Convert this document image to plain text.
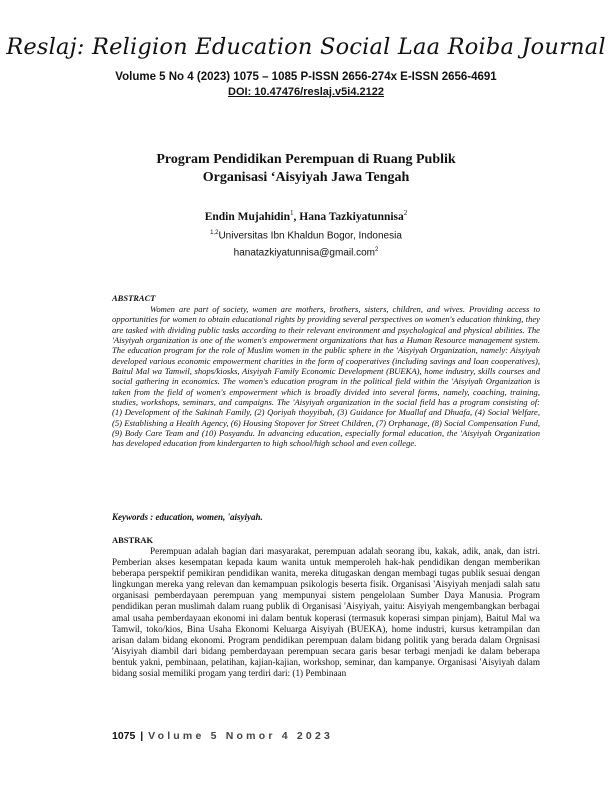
Reslaj: Religion Education Social Laa Roiba Journal
Volume 5 No 4 (2023) 1075 – 1085 P-ISSN 2656-274x E-ISSN 2656-4691
DOI: 10.47476/reslaj.v5i4.2122
Program Pendidikan Perempuan di Ruang Publik
Organisasi ‘Aisyiyah Jawa Tengah
Endin Mujahidin$^1$, Hana Tazkiyatunnisa$^2$
$^{1,2}$Universitas Ibn Khaldun Bogor, Indonesia
hanatazkiyatunnisa@gmail.com$^2$
ABSTRACT
Women are part of society, women are mothers, brothers, sisters, children, and wives. Providing access to opportunities for women to obtain educational rights by providing several perspectives on women's education thinking, they are tasked with dividing public tasks according to their relevant environment and psychological and physical abilities. The 'Aisyiyah organization is one of the women's empowerment organizations that has a Human Resource management system. The education program for the role of Muslim women in the public sphere in the 'Aisyiyah Organization, namely: Aisyiyah developed various economic empowerment charities in the form of cooperatives (including savings and loan cooperatives), Baitul Mal wa Tamwil, shops/kiosks, Aisyiyah Family Economic Development (BUEKA), home industry, skills courses and social gathering in economics. The women's education program in the political field within the 'Aisyiyah Organization is taken from the field of women's empowerment which is broadly divided into several forms, namely, coaching, training, studies, workshops, seminars, and campaigns. The 'Aisyiyah organization in the social field has a program consisting of: (1) Development of the Sakinah Family, (2) Qoriyah thoyyibah, (3) Guidance for Muallaf and Dhuafa, (4) Social Welfare, (5) Establishing a Health Agency, (6) Housing Stopover for Street Children, (7) Orphanage, (8) Social Compensation Fund, (9) Body Care Team and (10) Posyandu. In advancing education, especially formal education, the 'Aisyiyah Organization has developed education from kindergarten to high school/high school and even college.
Keywords : education, women, 'aisyiyah.
ABSTRAK
Perempuan adalah bagian dari masyarakat, perempuan adalah seorang ibu, kakak, adik, anak, dan istri. Pemberian akses kesempatan kepada kaum wanita untuk memperoleh hak-hak pendidikan dengan memberikan beberapa perspektif pemikiran pendidikan wanita, mereka ditugaskan dengan membagi tugas publik sesuai dengan lingkungan mereka yang relevan dan kemampuan psikologis beserta fisik. Organisasi 'Aisyiyah menjadi salah satu organisasi pemberdayaan perempuan yang mempunyai sistem pengelolaan Sumber Daya Manusia. Program pendidikan peran muslimah dalam ruang publik di Organisasi 'Aisyiyah, yaitu: Aisyiyah mengembangkan berbagai amal usaha pemberdayaan ekonomi ini dalam bentuk koperasi (termasuk koperasi simpan pinjam), Baitul Mal wa Tamwil, toko/kios, Bina Usaha Ekonomi Keluarga Aisyiyah (BUEKA), home industri, kursus ketrampilan dan arisan dalam bidang ekonomi. Program pendidikan perempuan dalam bidang politik yang berada dalam Orgnisasi 'Aisyiyah diambil dari bidang pemberdayaan perempuan secara garis besar terbagi menjadi ke dalam beberapa bentuk yakni, pembinaan, pelatihan, kajian-kajian, workshop, seminar, dan kampanye. Organisasi 'Aisyiyah dalam bidang sosial memiliki progam yang terdiri dari: (1) Pembinaan
1075 | Volume 5 Nomor 4 2023
